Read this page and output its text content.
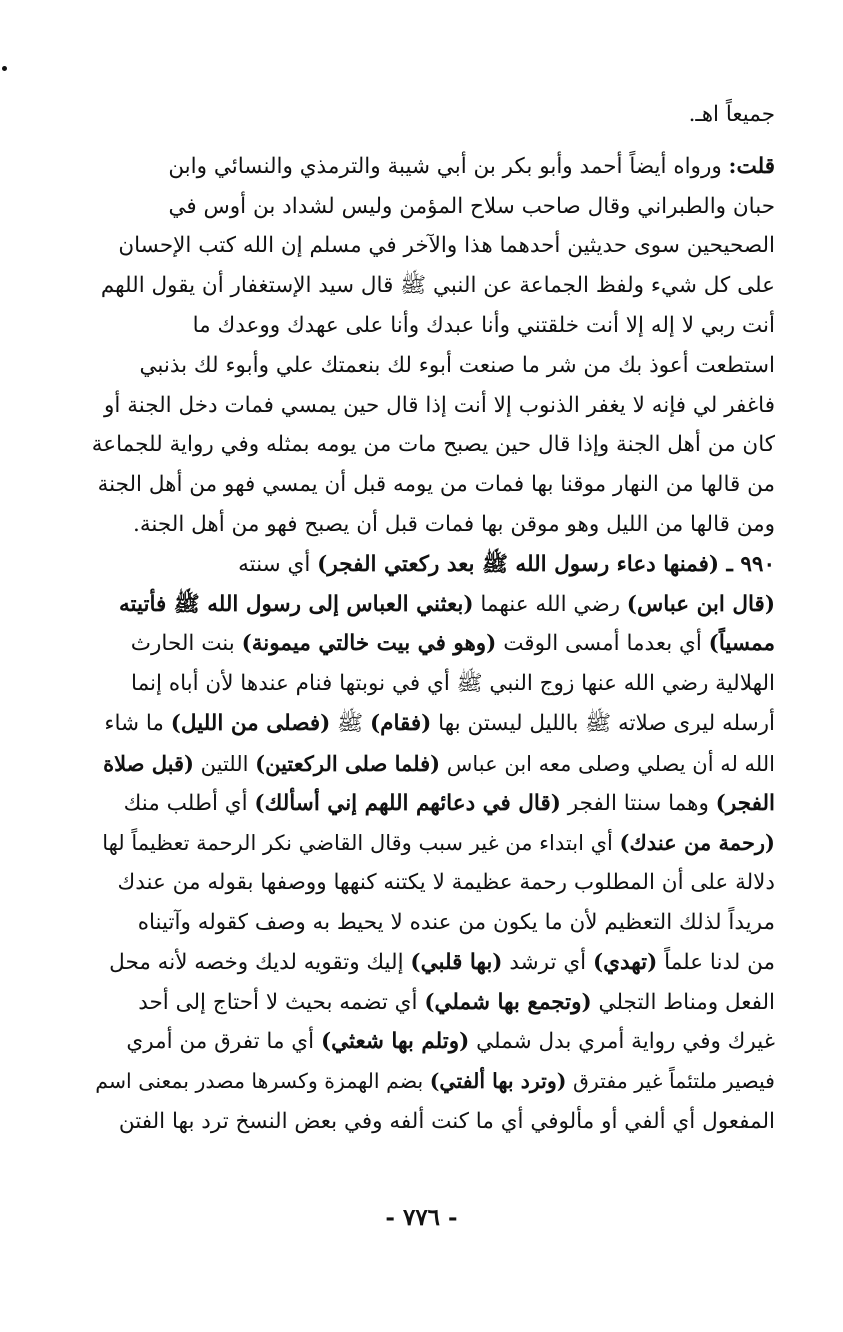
جميعاً اهـ.
قلت: ورواه أيضاً أحمد وأبو بكر بن أبي شيبة والترمذي والنسائي وابن
حبان والطبراني وقال صاحب سلاح المؤمن وليس لشداد بن أوس في
الصحيحين سوى حديثين أحدهما هذا والآخر في مسلم إن الله كتب الإحسان
على كل شيء ولفظ الجماعة عن النبي ﷺ قال سيد الإستغفار أن يقول اللهم
أنت ربي لا إله إلا أنت خلقتني وأنا عبدك وأنا على عهدك ووعدك ما
استطعت أعوذ بك من شر ما صنعت أبوء لك بنعمتك علي وأبوء لك بذنبي
فاغفر لي فإنه لا يغفر الذنوب إلا أنت إذا قال حين يمسي فمات دخل الجنة أو
كان من أهل الجنة وإذا قال حين يصبح مات من يومه بمثله وفي رواية للجماعة
من قالها من النهار موقنا بها فمات من يومه قبل أن يمسي فهو من أهل الجنة
ومن قالها من الليل وهو موقن بها فمات قبل أن يصبح فهو من أهل الجنة.
٩٩٠ ـ (فمنها دعاء رسول الله ﷺ بعد ركعتي الفجر) أي سنته
(قال ابن عباس) رضي الله عنهما (بعثني العباس إلى رسول الله ﷺ فأتيته
ممسياً) أي بعدما أمسى الوقت (وهو في بيت خالتي ميمونة) بنت الحارث
الهلالية رضي الله عنها زوج النبي ﷺ أي في نوبتها فنام عندها لأن أباه إنما
أرسله ليرى صلاته ﷺ بالليل ليستن بها (فقام) ﷺ (فصلى من الليل) ما شاء
الله له أن يصلي وصلى معه ابن عباس (فلما صلى الركعتين) اللتين (قبل صلاة
الفجر) وهما سنتا الفجر (قال في دعائهم اللهم إني أسألك) أي أطلب منك
(رحمة من عندك) أي ابتداء من غير سبب وقال القاضي نكر الرحمة تعظيماً لها
دلالة على أن المطلوب رحمة عظيمة لا يكتنه كنهها ووصفها بقوله من عندك
مريداً لذلك التعظيم لأن ما يكون من عنده لا يحيط به وصف كقوله وآتيناه
من لدنا علماً (تهدي) أي ترشد (بها قلبي) إليك وتقويه لديك وخصه لأنه محل
الفعل ومناط التجلي (وتجمع بها شملي) أي تضمه بحيث لا أحتاج إلى أحد
غيرك وفي رواية أمري بدل شملي (وتلم بها شعثي) أي ما تفرق من أمري
فيصير ملتئماً غير مفترق (وترد بها ألفتي) بضم الهمزة وكسرها مصدر بمعنى اسم
المفعول أي ألفي أو مألوفي أي ما كنت ألفه وفي بعض النسخ ترد بها الفتن
- ٧٧٦ -
